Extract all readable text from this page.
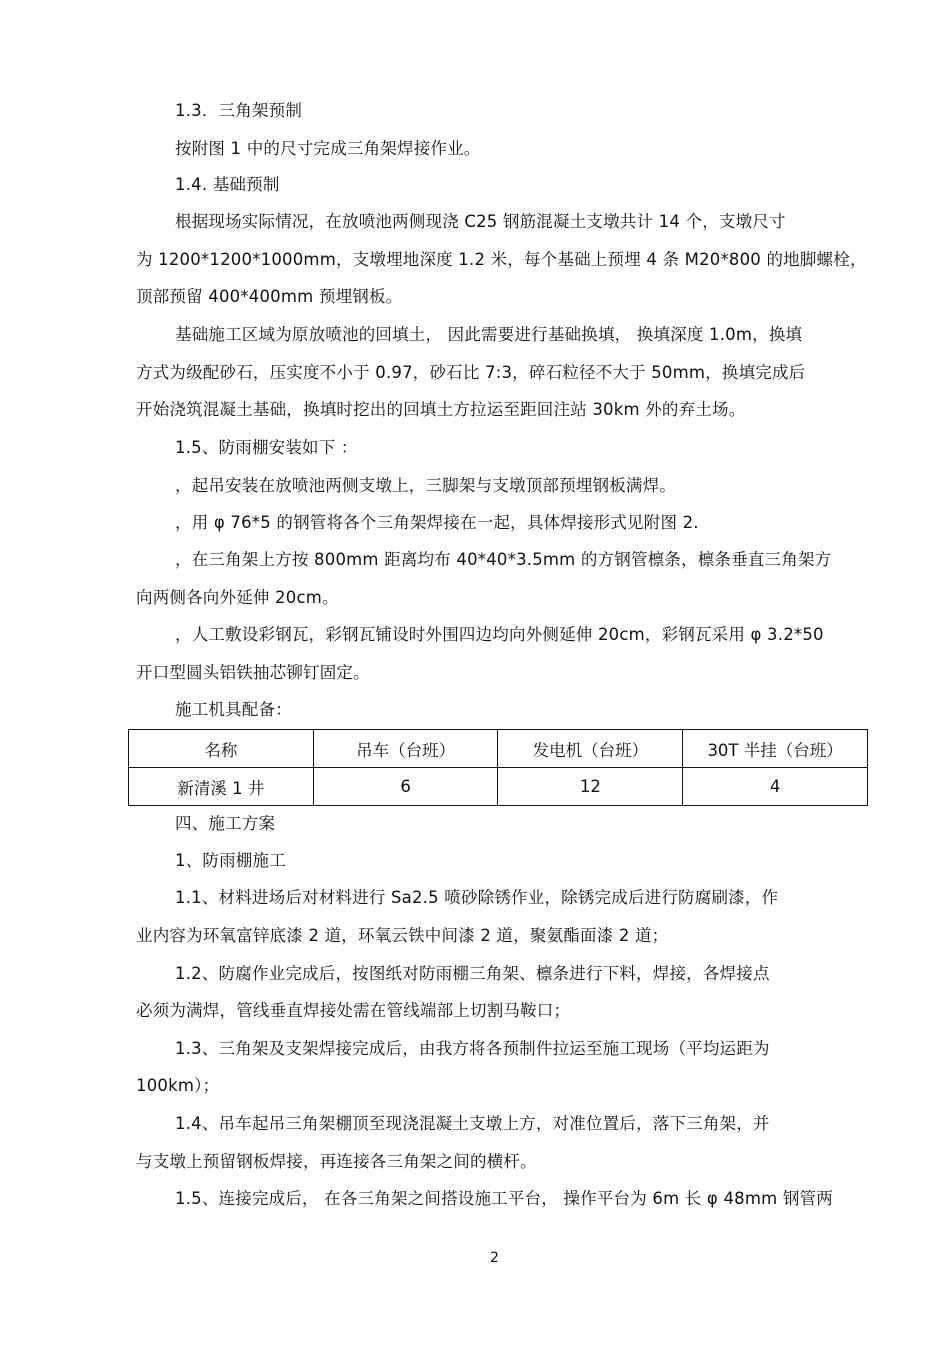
1.3．三角架预制
按附图 1 中的尺寸完成三角架焊接作业。
1.4. 基础预制
根据现场实际情况，在放喷池两侧现浇 C25 钢筋混凝土支墩共计 14 个，支墩尺寸
为 1200*1200*1000mm，支墩埋地深度 1.2 米，每个基础上预埋 4 条 M20*800 的地脚螺栓，
顶部预留 400*400mm 预埋钢板。
基础施工区域为原放喷池的回填土， 因此需要进行基础换填， 换填深度 1.0m，换填
方式为级配砂石，压实度不小于 0.97，砂石比 7:3，碎石粒径不大于 50mm，换填完成后
开始浇筑混凝土基础，换填时挖出的回填土方拉运至距回注站 30km 外的弃土场。
1.5、防雨棚安装如下 ：
，起吊安装在放喷池两侧支墩上，三脚架与支墩顶部预埋钢板满焊。
，用 φ 76*5 的钢管将各个三角架焊接在一起，具体焊接形式见附图 2.
，在三角架上方按 800mm 距离均布 40*40*3.5mm 的方钢管檩条，檩条垂直三角架方
向两侧各向外延伸 20cm。
，人工敷设彩钢瓦，彩钢瓦铺设时外围四边均向外侧延伸 20cm，彩钢瓦采用 φ 3.2*50
开口型圆头铝铁抽芯铆钉固定。
施工机具配备：
名称	吊车（台班）	发电机（台班）	30T 半挂（台班）
新清溪 1 井	6	12	4
四、施工方案
1、防雨棚施工
1.1、材料进场后对材料进行 Sa2.5 喷砂除锈作业，除锈完成后进行防腐刷漆，作
业内容为环氧富锌底漆 2 道，环氧云铁中间漆 2 道，聚氨酯面漆 2 道；
1.2、防腐作业完成后，按图纸对防雨棚三角架、檩条进行下料，焊接，各焊接点
必须为满焊，管线垂直焊接处需在管线端部上切割马鞍口；
1.3、三角架及支架焊接完成后，由我方将各预制件拉运至施工现场（平均运距为
100km）；
1.4、吊车起吊三角架棚顶至现浇混凝土支墩上方，对准位置后，落下三角架，并
与支墩上预留钢板焊接，再连接各三角架之间的横杆。
1.5、连接完成后， 在各三角架之间搭设施工平台， 操作平台为 6m 长 φ 48mm 钢管两
2
